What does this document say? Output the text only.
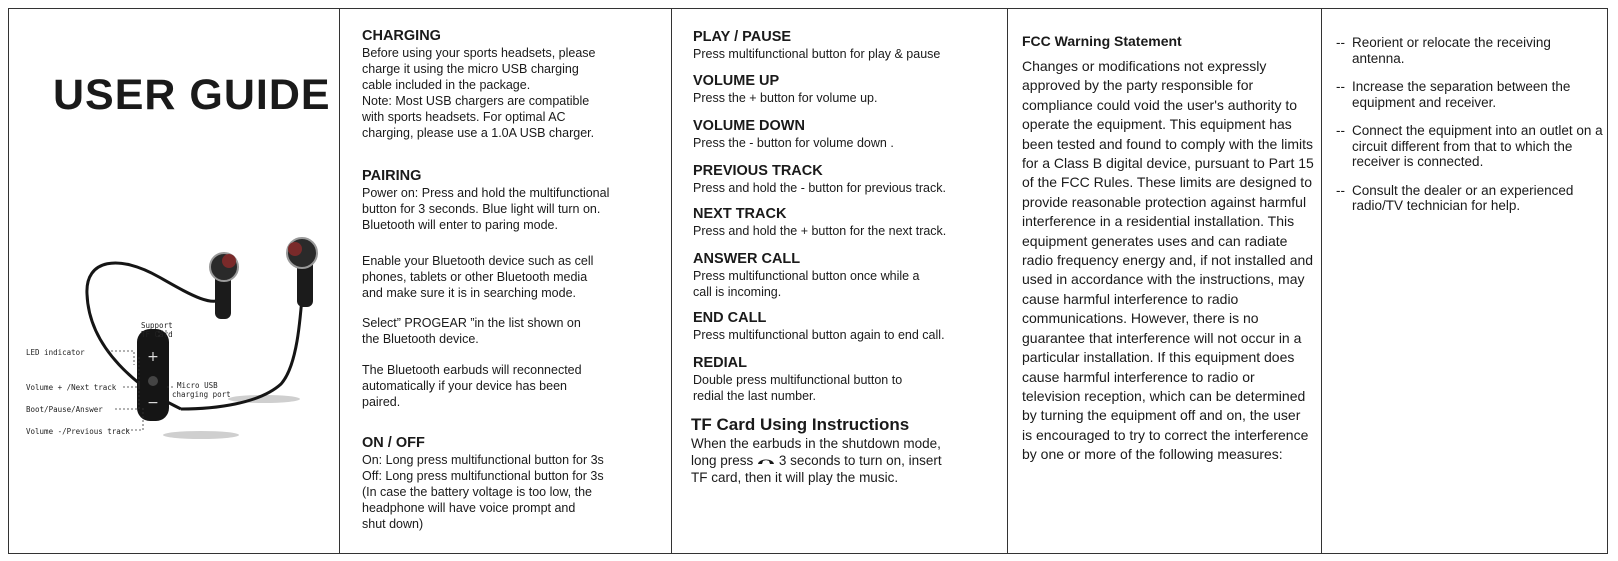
USER GUIDE
+
−
LED indicator
Support
TF Card
Volume + /Next track	Micro USB
charging port
Boot/Pause/Answer
Volume -/Previous track

CHARGING

Before using your sports headsets, please

charge it using the micro USB charging

cable included in the package.

Note: Most USB chargers are compatible

with sports headsets. For optimal AC

charging, please use a 1.0A USB charger.

PAIRING

Power on: Press and hold the multifunctional

button for 3 seconds. Blue light will turn on.

Bluetooth will enter to paring mode.

Enable your Bluetooth device such as cell

phones, tablets or other Bluetooth media

and make sure it is in searching mode.

Select” PROGEAR ”in the list shown on

the Bluetooth device.

The Bluetooth earbuds will reconnected

automatically if your device has been

paired.

ON / OFF

On: Long press multifunctional button for 3s

Off: Long press multifunctional button for 3s

(In case the battery voltage is too low, the

headphone will have voice prompt and

shut down)

PLAY / PAUSE

Press multifunctional button for play & pause

VOLUME UP

Press the + button for volume up.

VOLUME DOWN

Press the - button for volume down .

PREVIOUS TRACK

Press and hold the - button for previous track.

NEXT TRACK

Press and hold the + button for the next track.

ANSWER CALL

Press multifunctional button once while a

call is incoming.

END CALL

Press multifunctional button again to end call.

REDIAL

Double press multifunctional button to

redial the last number.

TF Card Using Instructions

When the earbuds in the shutdown mode,

long press 3 seconds to turn on, insert

TF card, then it will play the music.

FCC Warning Statement

Changes or modifications not expressly approved by the party responsible for compliance could void the user's authority to operate the equipment. This equipment has been tested and found to comply with the limits for a Class B digital device, pursuant to Part 15 of the FCC Rules. These limits are designed to provide reasonable protection against harmful interference in a residential installation. This equipment generates uses and can radiate radio frequency energy and, if not installed and used in accordance with the instructions, may cause harmful interference to radio communications. However, there is no guarantee that interference will not occur in a particular installation. If this equipment does cause harmful interference to radio or television reception, which can be determined by turning the equipment off and on, the user is encouraged to try to correct the interference by one or more of the following measures:

-- Reorient or relocate the receiving antenna.
-- Increase the separation between the equipment and receiver.
-- Connect the equipment into an outlet on a circuit different from that to which the receiver is connected.
-- Consult the dealer or an experienced radio/TV technician for help.
